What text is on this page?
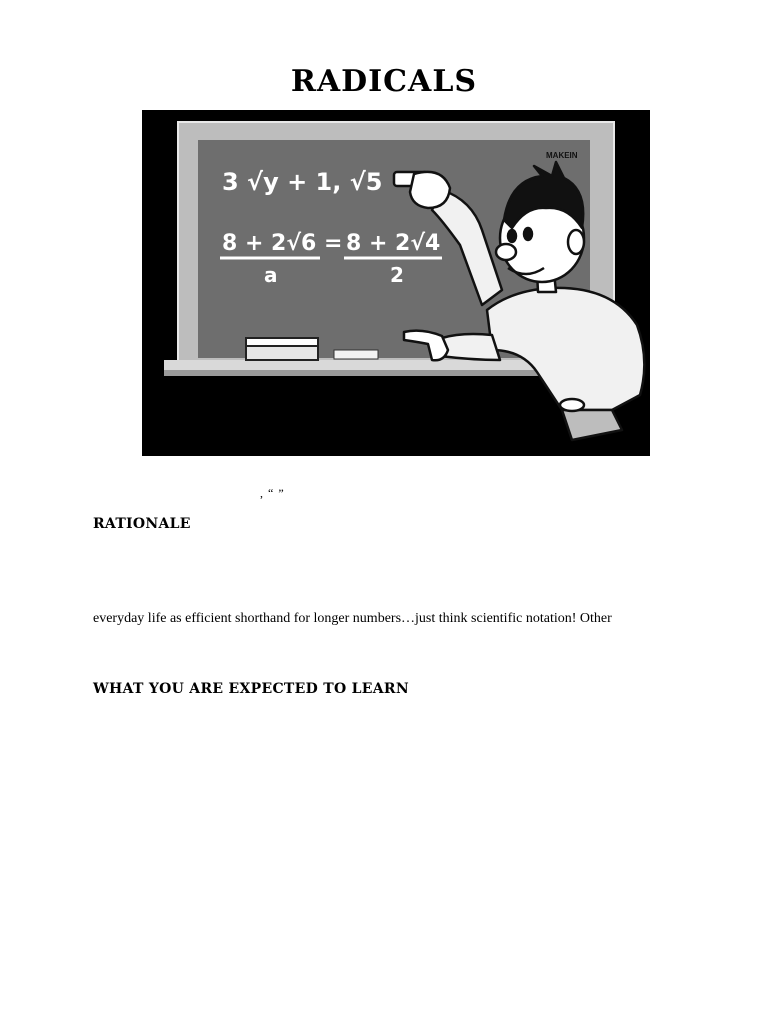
RADICALS
MAKEIN
3 √y + 1, √5
8 + 2√6
a
= 8 + 2√4
2
, “ ”
RATIONALE
everyday life as efficient shorthand for longer numbers…just think scientific notation! Other
WHAT YOU ARE EXPECTED TO LEARN
